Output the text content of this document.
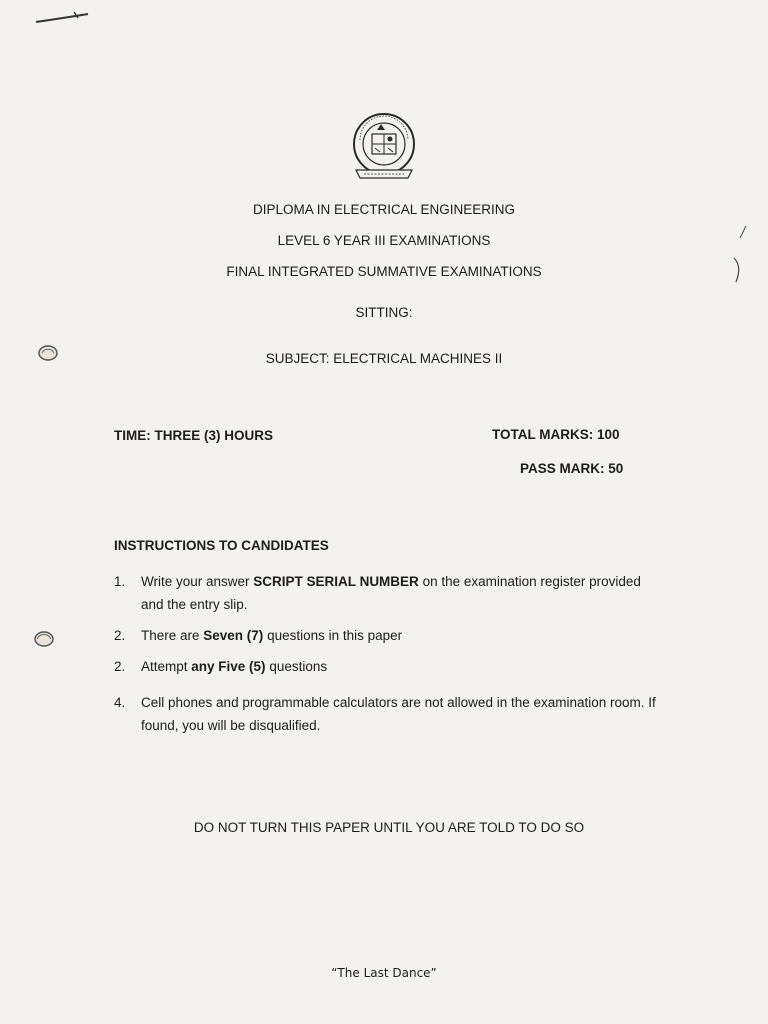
DIPLOMA IN ELECTRICAL ENGINEERING
LEVEL 6 YEAR III EXAMINATIONS
FINAL INTEGRATED SUMMATIVE EXAMINATIONS
SITTING:
SUBJECT: ELECTRICAL MACHINES II
TIME: THREE (3) HOURS	TOTAL MARKS: 100
PASS MARK: 50
INSTRUCTIONS TO CANDIDATES
1.	Write your answer SCRIPT SERIAL NUMBER on the examination register provided
and the entry slip.
2.	There are Seven (7) questions in this paper
2.	Attempt any Five (5) questions
4.	Cell phones and programmable calculators are not allowed in the examination room. If
found, you will be disqualified.
DO NOT TURN THIS PAPER UNTIL YOU ARE TOLD TO DO SO
“The Last Dance”
